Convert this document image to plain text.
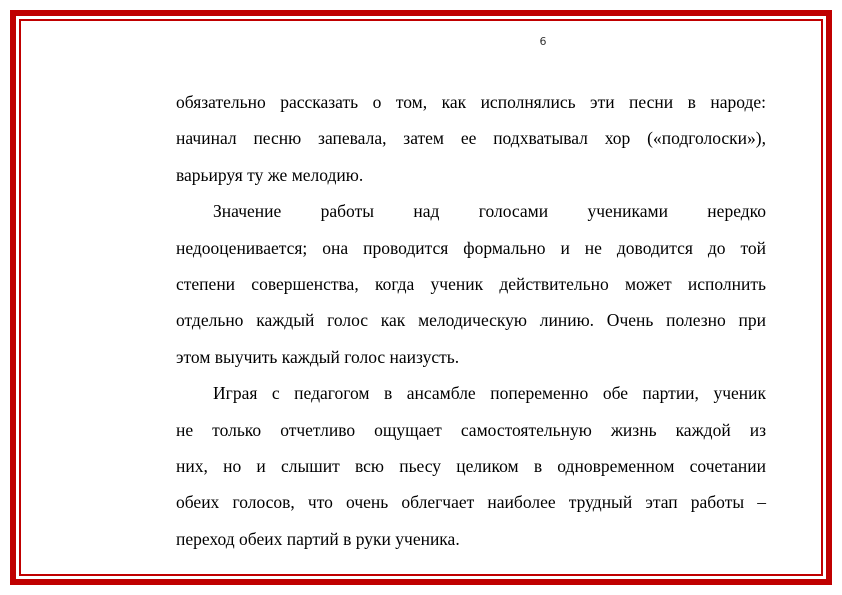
6
обязательно рассказать о том, как исполнялись эти песни в народе:
начинал песню запевала, затем ее подхватывал хор («подголоски»),
варьируя ту же мелодию.
Значение работы над голосами учениками нередко
недооценивается; она проводится формально и не доводится до той
степени совершенства, когда ученик действительно может исполнить
отдельно каждый голос как мелодическую линию. Очень полезно при
этом выучить каждый голос наизусть.
Играя с педагогом в ансамбле попеременно обе партии, ученик
не только отчетливо ощущает самостоятельную жизнь каждой из
них, но и слышит всю пьесу целиком в одновременном сочетании
обеих голосов, что очень облегчает наиболее трудный этап работы –
переход обеих партий в руки ученика.
